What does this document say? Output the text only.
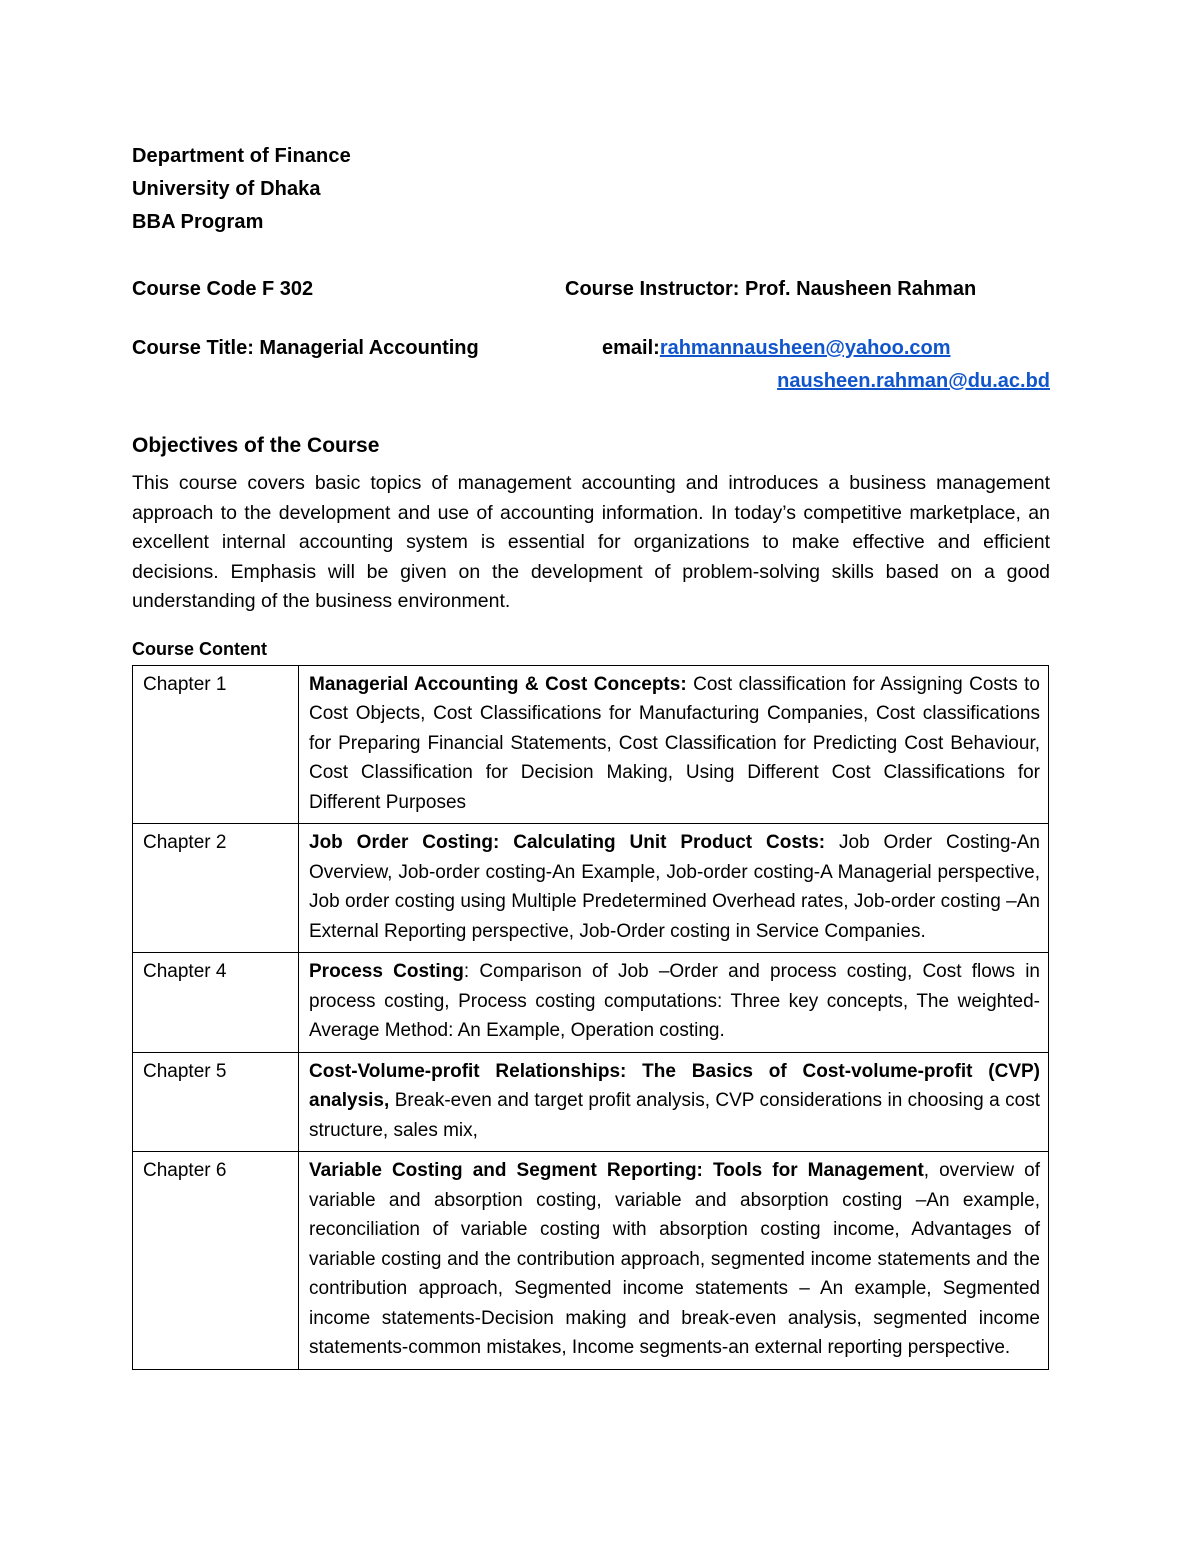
Department of Finance
University of Dhaka
BBA Program
Course Code F 302	Course Instructor: Prof. Nausheen Rahman
Course Title: Managerial Accounting	email:rahmannausheen@yahoo.com
nausheen.rahman@du.ac.bd
Objectives of the Course

This course covers basic topics of management accounting and introduces a business management approach to the development and use of accounting information. In today’s competitive marketplace, an excellent internal accounting system is essential for organizations to make effective and efficient decisions. Emphasis will be given on the development of problem-solving skills based on a good understanding of the business environment.

Course Content
Chapter 1	Managerial Accounting & Cost Concepts: Cost classification for Assigning Costs to Cost Objects, Cost Classifications for Manufacturing Companies, Cost classifications for Preparing Financial Statements, Cost Classification for Predicting Cost Behaviour, Cost Classification for Decision Making, Using Different Cost Classifications for Different Purposes
Chapter 2	Job Order Costing: Calculating Unit Product Costs: Job Order Costing-An Overview, Job-order costing-An Example, Job-order costing-A Managerial perspective, Job order costing using Multiple Predetermined Overhead rates, Job-order costing –An External Reporting perspective, Job-Order costing in Service Companies.
Chapter 4	Process Costing: Comparison of Job –Order and process costing, Cost flows in process costing, Process costing computations: Three key concepts, The weighted-Average Method: An Example, Operation costing.
Chapter 5	Cost-Volume-profit Relationships: The Basics of Cost-volume-profit (CVP) analysis, Break-even and target profit analysis, CVP considerations in choosing a cost structure, sales mix,
Chapter 6	Variable Costing and Segment Reporting: Tools for Management, overview of variable and absorption costing, variable and absorption costing –An example, reconciliation of variable costing with absorption costing income, Advantages of variable costing and the contribution approach, segmented income statements and the contribution approach, Segmented income statements – An example, Segmented income statements-Decision making and break-even analysis, segmented income statements-common mistakes, Income segments-an external reporting perspective.
